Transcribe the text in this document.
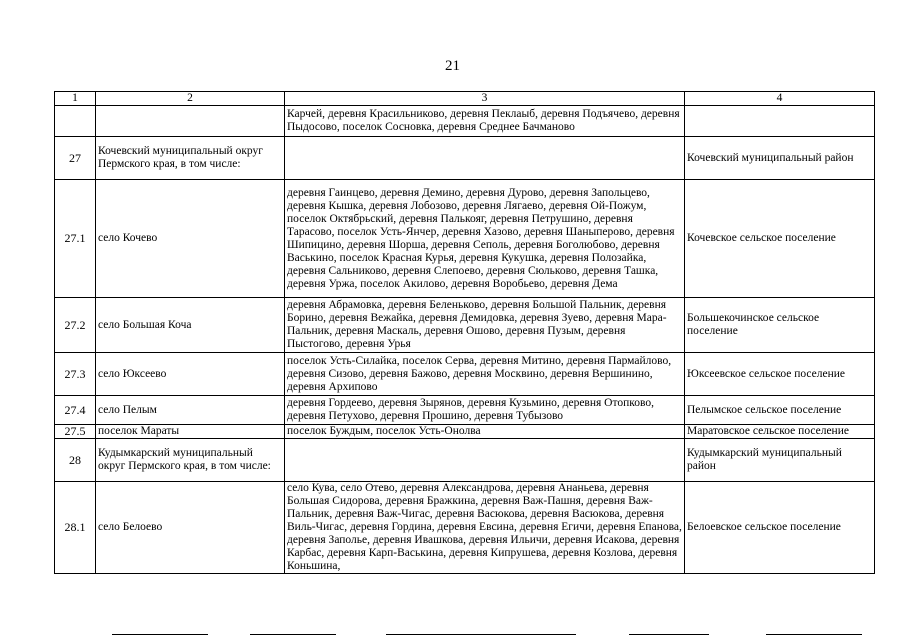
21
1	2	3	4
		Карчей, деревня Красильниково, деревня Пеклаыб, деревня Подъячево, деревня Пыдосово, поселок Сосновка, деревня Среднее Бачманово	
27	Кочевский муниципальный округ Пермского края, в том числе:		Кочевский муниципальный район
27.1	село Кочево	деревня Гаинцево, деревня Демино, деревня Дурово, деревня Запольцево, деревня Кышка, деревня Лобозово, деревня Лягаево, деревня Ой-Пожум, поселок Октябрьский, деревня Палькояг, деревня Петрушино, деревня Тарасово, поселок Усть-Янчер, деревня Хазово, деревня Шаныперово, деревня Шипицино, деревня Шорша, деревня Сеполь, деревня Боголюбово, деревня Васькино, поселок Красная Курья, деревня Кукушка, деревня Полозайка, деревня Сальниково, деревня Слепоево, деревня Сюльково, деревня Ташка, деревня Уржа, поселок Акилово, деревня Воробьево, деревня Дема	Кочевское сельское поселение
27.2	село Большая Коча	деревня Абрамовка, деревня Беленьково, деревня Большой Пальник, деревня Борино, деревня Вежайка, деревня Демидовка, деревня Зуево, деревня Мара-Пальник, деревня Маскаль, деревня Ошово, деревня Пузым, деревня Пыстогово, деревня Урья	Большекочинское сельское поселение
27.3	село Юксеево	поселок Усть-Силайка, поселок Серва, деревня Митино, деревня Пармайлово, деревня Сизово, деревня Бажово, деревня Москвино, деревня Вершинино, деревня Архипово	Юксеевское сельское поселение
27.4	село Пелым	деревня Гордеево, деревня Зырянов, деревня Кузьмино, деревня Отопково, деревня Петухово, деревня Прошино, деревня Тубызово	Пелымское сельское поселение
27.5	поселок Мараты	поселок Буждым, поселок Усть-Онолва	Маратовское сельское поселение
28	Кудымкарский муниципальный округ Пермского края, в том числе:		Кудымкарский муниципальный район
28.1	село Белоево	село Кува, село Отево, деревня Александрова, деревня Ананьева, деревня Большая Сидорова, деревня Бражкина, деревня Важ-Пашня, деревня Важ-Пальник, деревня Важ-Чигас, деревня Васюкова, деревня Васюкова, деревня Виль-Чигас, деревня Гордина, деревня Евсина, деревня Егичи, деревня Епанова, деревня Заполье, деревня Ивашкова, деревня Ильичи, деревня Исакова, деревня Карбас, деревня Карп-Васькина, деревня Кипрушева, деревня Козлова, деревня Коньшина,	Белоевское сельское поселение
